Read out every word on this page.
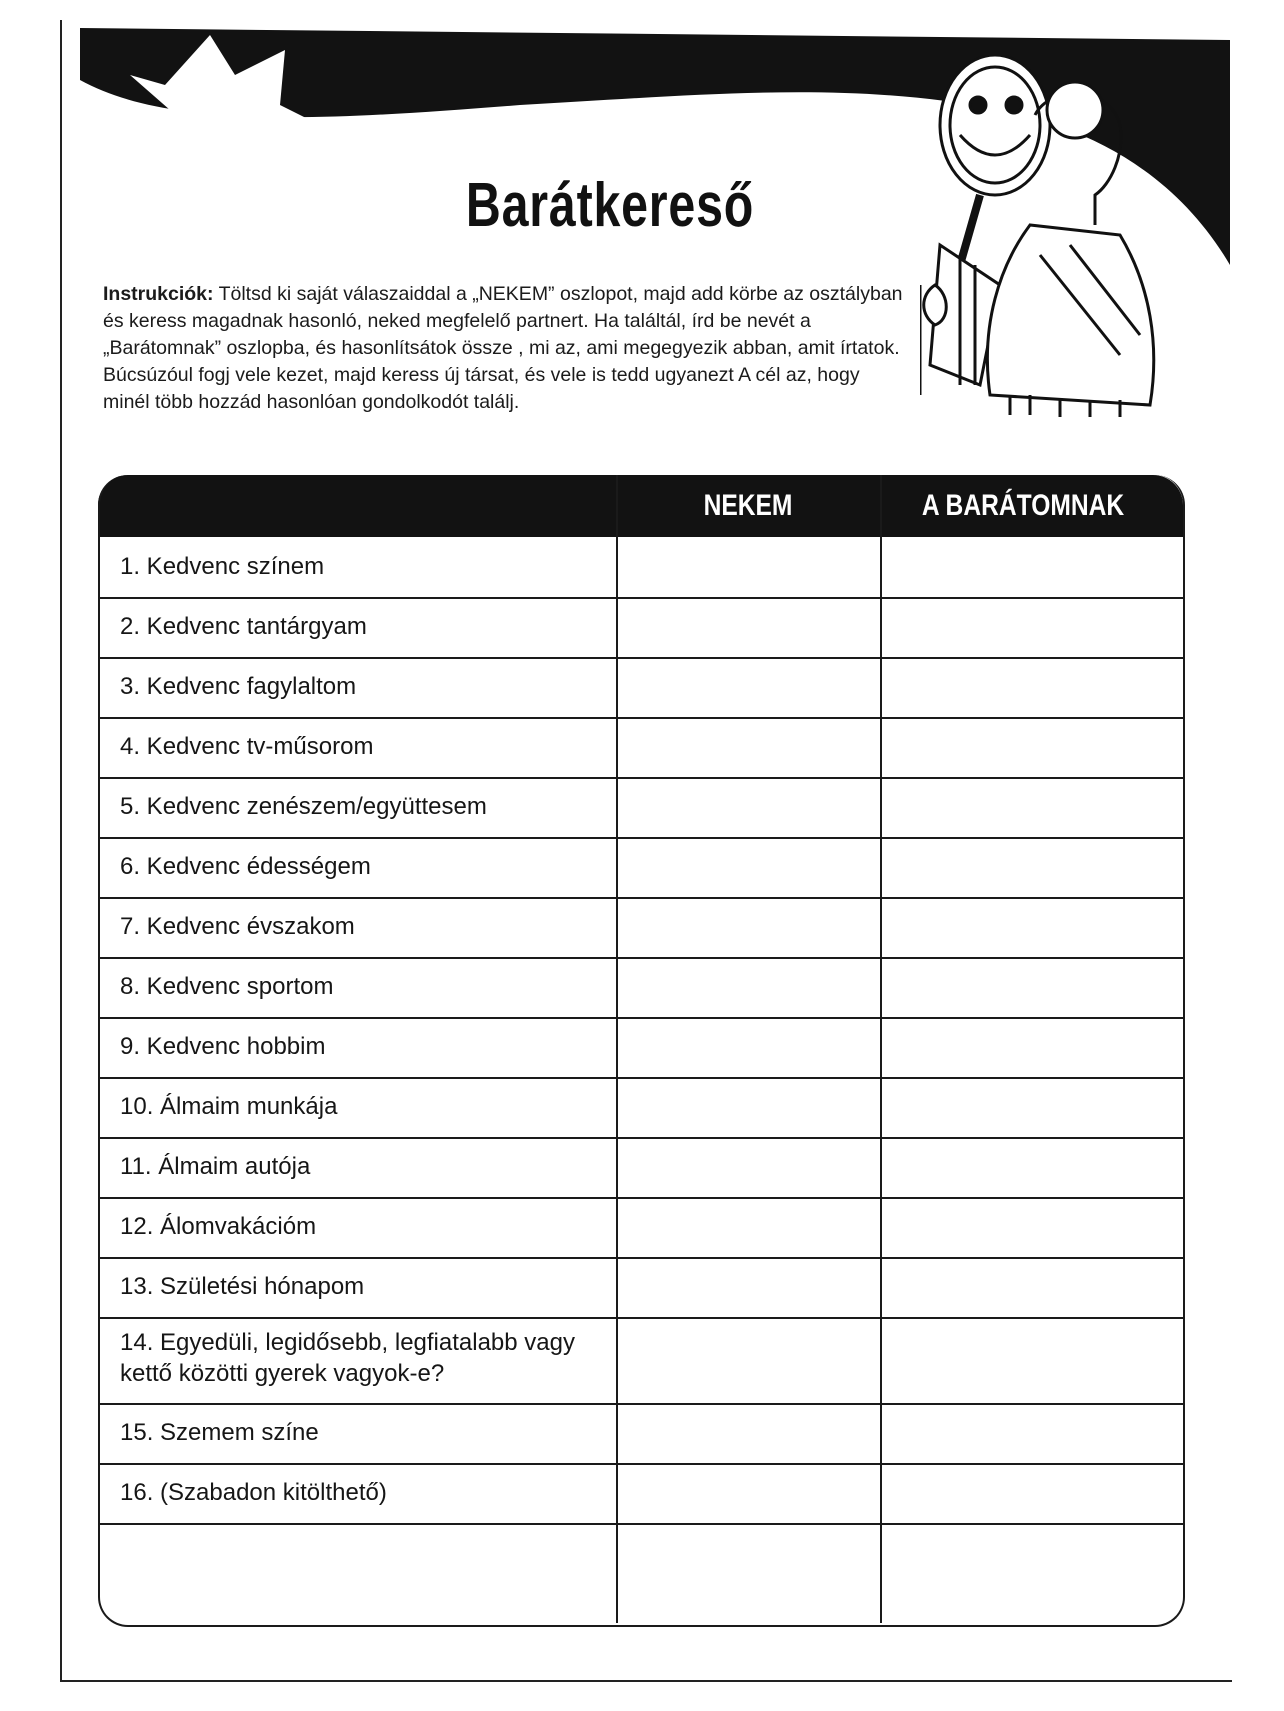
Barátkereső
Instrukciók: Töltsd ki saját válaszaiddal a „NEKEM” oszlopot, majd add körbe az osztályban és keress magadnak hasonló, neked megfelelő partnert. Ha találtál, írd be nevét a „Barátomnak” oszlopba, és hasonlítsátok össze , mi az, ami megegyezik abban, amit írtatok. Búcsúzóul fogj vele kezet, majd keress új társat, és vele is tedd ugyanezt A cél az, hogy minél több hozzád hasonlóan gondolkodót találj.
NEKEM	A BARÁTOMNAK
1. Kedvenc színem
2. Kedvenc tantárgyam
3. Kedvenc fagylaltom
4. Kedvenc tv-műsorom
5. Kedvenc zenészem/együttesem
6. Kedvenc édességem
7. Kedvenc évszakom
8. Kedvenc sportom
9. Kedvenc hobbim
10. Álmaim munkája
11. Álmaim autója
12. Álomvakációm
13. Születési hónapom
14. Egyedüli, legidősebb, legfiatalabb vagy kettő közötti gyerek vagyok-e?
15. Szemem színe
16. (Szabadon kitölthető)
